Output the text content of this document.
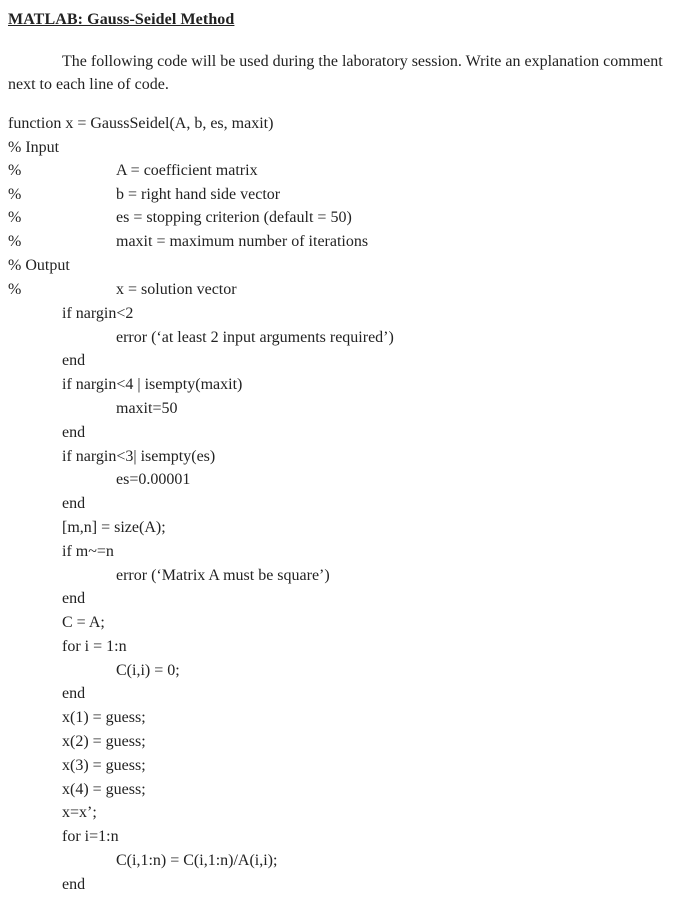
MATLAB: Gauss-Seidel Method
The following code will be used during the laboratory session. Write an explanation comment next to each line of code.
function x = GaussSeidel(A, b, es, maxit)
% Input
%	A = coefficient matrix
%	b = right hand side vector
%	es = stopping criterion (default = 50)
%	maxit = maximum number of iterations
% Output
%	x = solution vector
if nargin<2
error (‘at least 2 input arguments required’)
end
if nargin<4 | isempty(maxit)
maxit=50
end
if nargin<3| isempty(es)
es=0.00001
end
[m,n] = size(A);
if m~=n
error (‘Matrix A must be square’)
end
C = A;
for i = 1:n
C(i,i) = 0;
end
x(1) = guess;
x(2) = guess;
x(3) = guess;
x(4) = guess;
x=x’;
for i=1:n
C(i,1:n) = C(i,1:n)/A(i,i);
end
